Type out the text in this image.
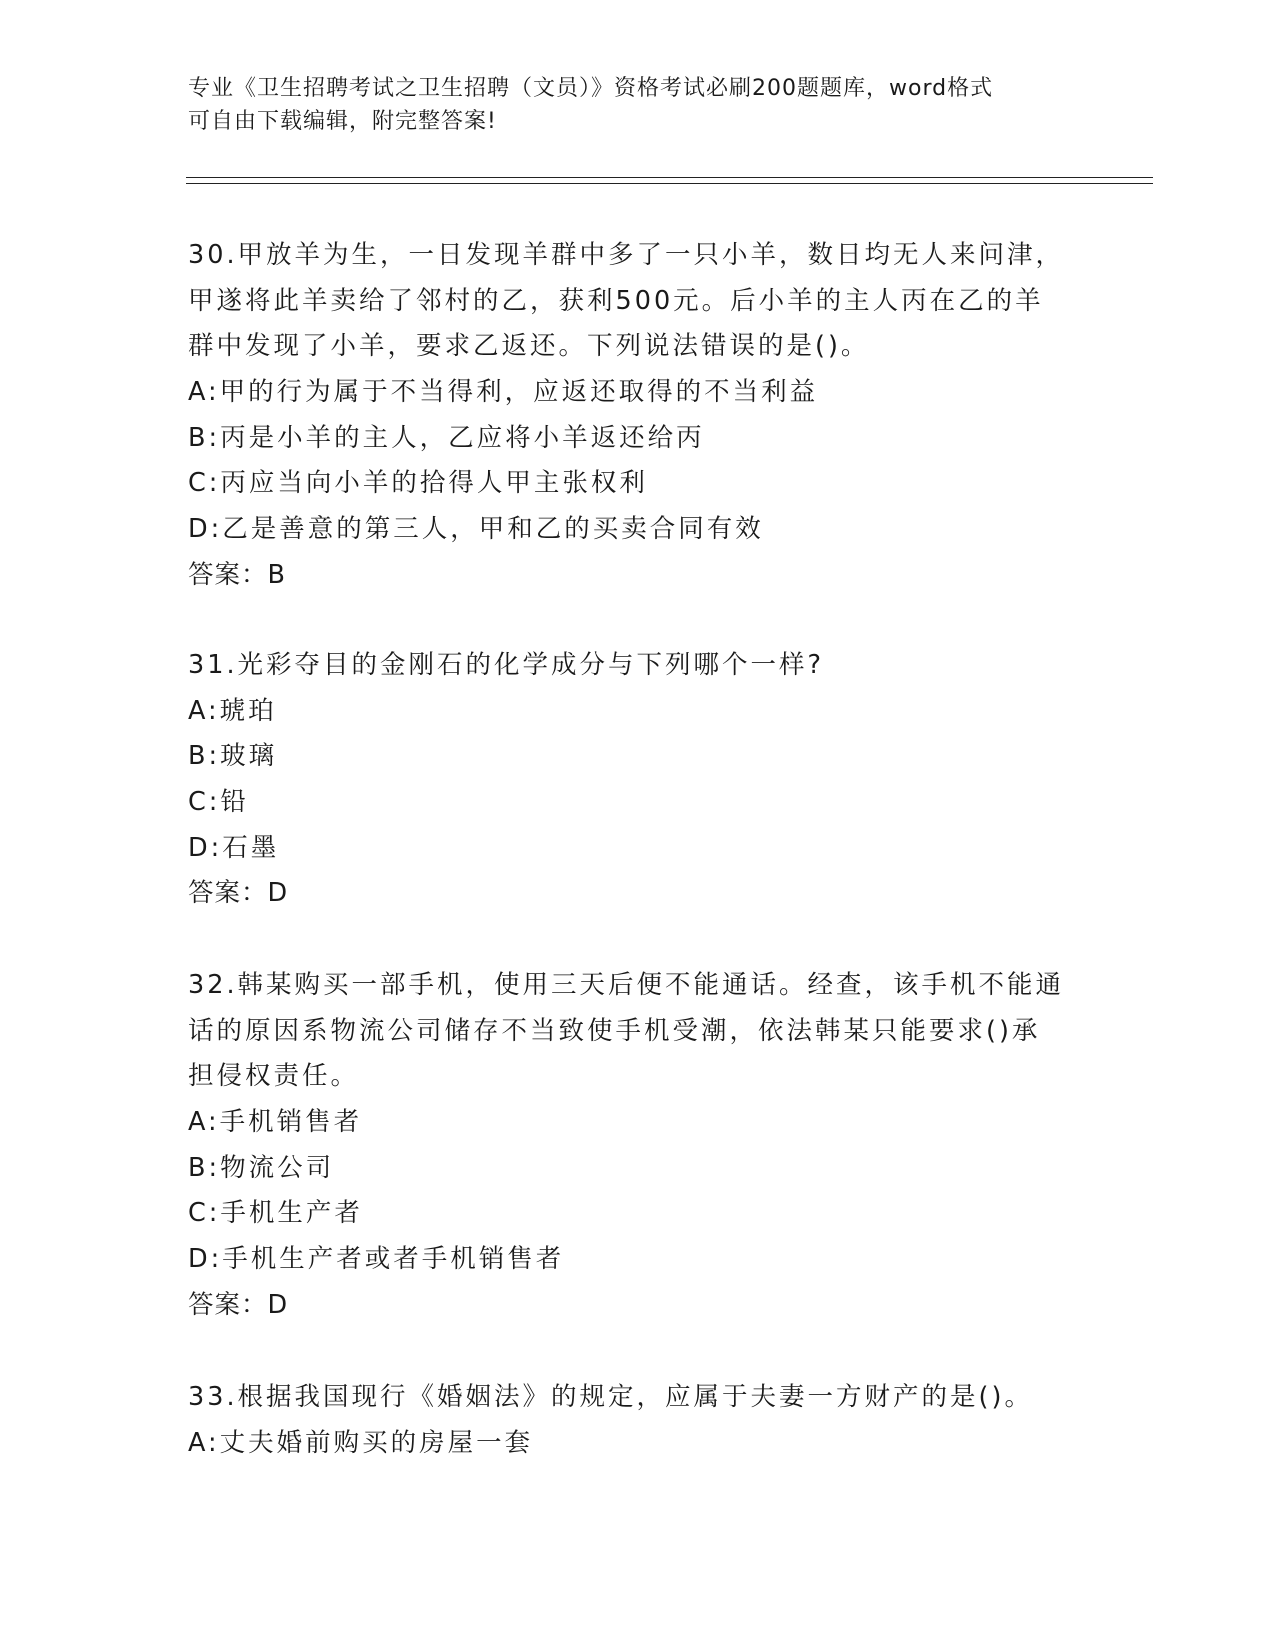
专业《卫生招聘考试之卫生招聘（文员）》资格考试必刷200题题库，word格式
可自由下载编辑，附完整答案!
30.甲放羊为生，一日发现羊群中多了一只小羊，数日均无人来问津，
甲遂将此羊卖给了邻村的乙，获利500元。后小羊的主人丙在乙的羊
群中发现了小羊，要求乙返还。下列说法错误的是()。
A:甲的行为属于不当得利，应返还取得的不当利益
B:丙是小羊的主人，乙应将小羊返还给丙
C:丙应当向小羊的拾得人甲主张权利
D:乙是善意的第三人，甲和乙的买卖合同有效
答案：B
31.光彩夺目的金刚石的化学成分与下列哪个一样?
A:琥珀
B:玻璃
C:铅
D:石墨
答案：D
32.韩某购买一部手机，使用三天后便不能通话。经查，该手机不能通
话的原因系物流公司储存不当致使手机受潮，依法韩某只能要求()承
担侵权责任。
A:手机销售者
B:物流公司
C:手机生产者
D:手机生产者或者手机销售者
答案：D
33.根据我国现行《婚姻法》的规定，应属于夫妻一方财产的是()。
A:丈夫婚前购买的房屋一套
